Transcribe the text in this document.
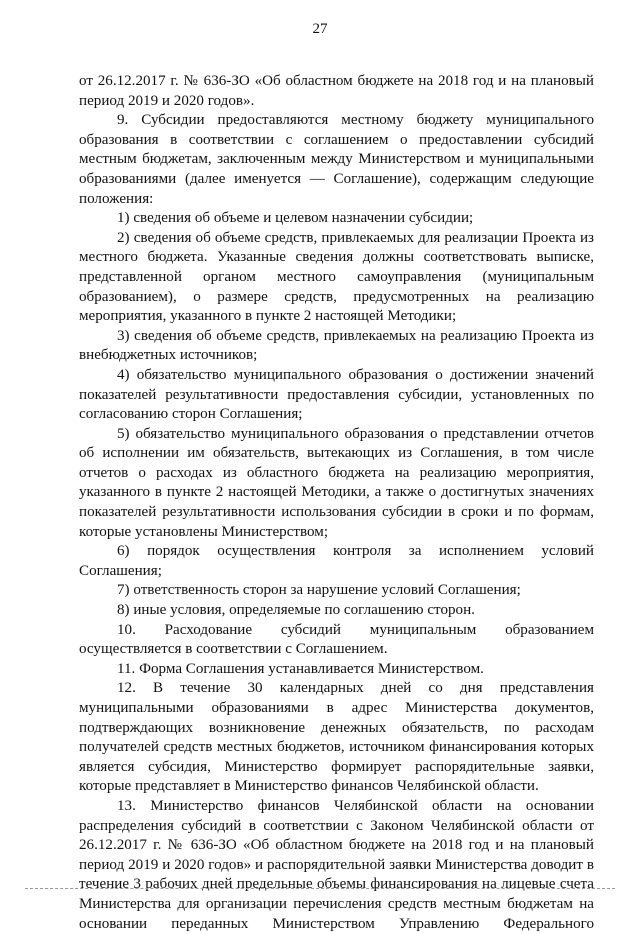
27

от 26.12.2017 г. № 636-ЗО «Об областном бюджете на 2018 год и на плановый период 2019 и 2020 годов».

9. Субсидии предоставляются местному бюджету муниципального образования в соответствии с соглашением о предоставлении субсидий местным бюджетам, заключенным между Министерством и муниципальными образованиями (далее именуется — Соглашение), содержащим следующие положения:

1) сведения об объеме и целевом назначении субсидии;

2) сведения об объеме средств, привлекаемых для реализации Проекта из местного бюджета. Указанные сведения должны соответствовать выписке, представленной органом местного самоуправления (муниципальным образованием), о размере средств, предусмотренных на реализацию мероприятия, указанного в пункте 2 настоящей Методики;

3) сведения об объеме средств, привлекаемых на реализацию Проекта из внебюджетных источников;

4) обязательство муниципального образования о достижении значений показателей результативности предоставления субсидии, установленных по согласованию сторон Соглашения;

5) обязательство муниципального образования о представлении отчетов об исполнении им обязательств, вытекающих из Соглашения, в том числе отчетов о расходах из областного бюджета на реализацию мероприятия, указанного в пункте 2 настоящей Методики, а также о достигнутых значениях показателей результативности использования субсидии в сроки и по формам, которые установлены Министерством;

6) порядок осуществления контроля за исполнением условий Соглашения;

7) ответственность сторон за нарушение условий Соглашения;

8) иные условия, определяемые по соглашению сторон.

10. Расходование субсидий муниципальным образованием осуществляется в соответствии с Соглашением.

11. Форма Соглашения устанавливается Министерством.

12. В течение 30 календарных дней со дня представления муниципальными образованиями в адрес Министерства документов, подтверждающих возникновение денежных обязательств, по расходам получателей средств местных бюджетов, источником финансирования которых является субсидия, Министерство формирует распорядительные заявки, которые представляет в Министерство финансов Челябинской области.

13. Министерство финансов Челябинской области на основании распределения субсидий в соответствии с Законом Челябинской области от 26.12.2017 г. № 636-ЗО «Об областном бюджете на 2018 год и на плановый период 2019 и 2020 годов» и распорядительной заявки Министерства доводит в течение 3 рабочих дней предельные объемы финансирования на лицевые счета Министерства для организации перечисления средств местным бюджетам на основании переданных Министерством Управлению Федерального
